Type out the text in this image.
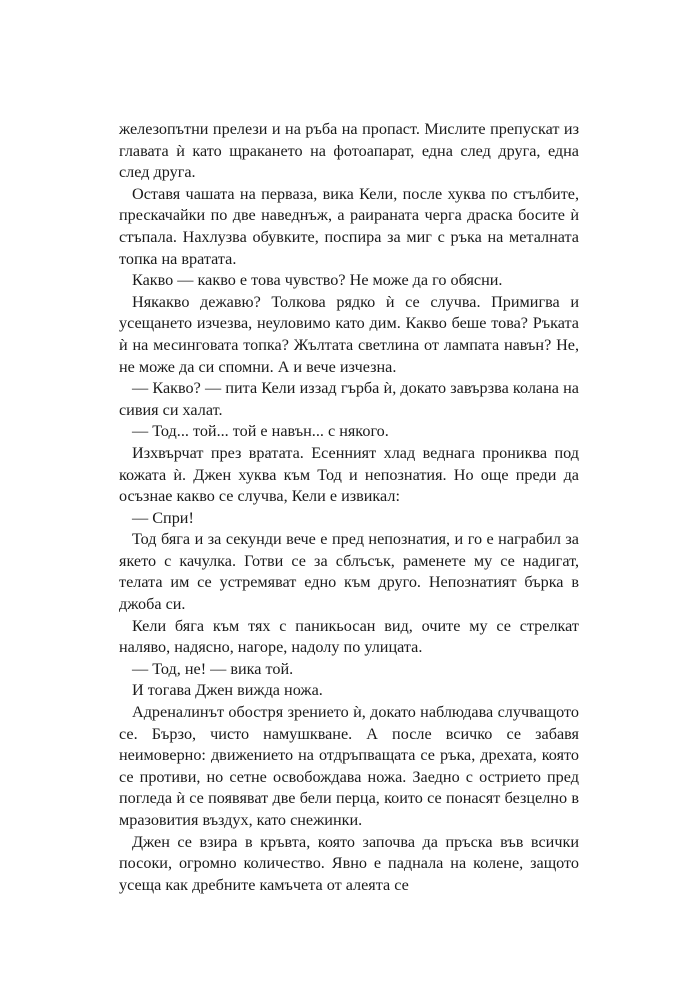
железопътни прелези и на ръба на пропаст. Мислите препускат из главата ѝ като щракането на фотоапарат, една след друга, една след друга.

Оставя чашата на перваза, вика Кели, после хуква по стълбите, прескачайки по две наведнъж, а раираната черга драска босите ѝ стъпала. Нахлузва обувките, поспира за миг с ръка на металната топка на вратата.

Какво — какво е това чувство? Не може да го обясни.

Някакво дежавю? Толкова рядко ѝ се случва. Примигва и усещането изчезва, неуловимо като дим. Какво беше това? Ръката ѝ на месинговата топка? Жълтата светлина от лампата навън? Не, не може да си спомни. А и вече изчезна.

— Какво? — пита Кели иззад гърба ѝ, докато завързва колана на сивия си халат.

— Тод... той... той е навън... с някого.

Изхвърчат през вратата. Есенният хлад веднага прониква под кожата ѝ. Джен хуква към Тод и непознатия. Но още преди да осъзнае какво се случва, Кели е извикал:

— Спри!

Тод бяга и за секунди вече е пред непознатия, и го е награбил за якето с качулка. Готви се за сблъсък, раменете му се надигат, телата им се устремяват едно към друго. Непознатият бърка в джоба си.

Кели бяга към тях с паникьосан вид, очите му се стрелкат наляво, надясно, нагоре, надолу по улицата.

— Тод, не! — вика той.

И тогава Джен вижда ножа.

Адреналинът обостря зрението ѝ, докато наблюдава случващото се. Бързо, чисто намушкване. А после всичко се забавя неимоверно: движението на отдръпващата се ръка, дрехата, която се противи, но сетне освобождава ножа. Заедно с острието пред погледа ѝ се появяват две бели перца, които се понасят безцелно в мразовития въздух, като снежинки.

Джен се взира в кръвта, която започва да пръска във всички посоки, огромно количество. Явно е паднала на колене, защото усеща как дребните камъчета от алеята се
